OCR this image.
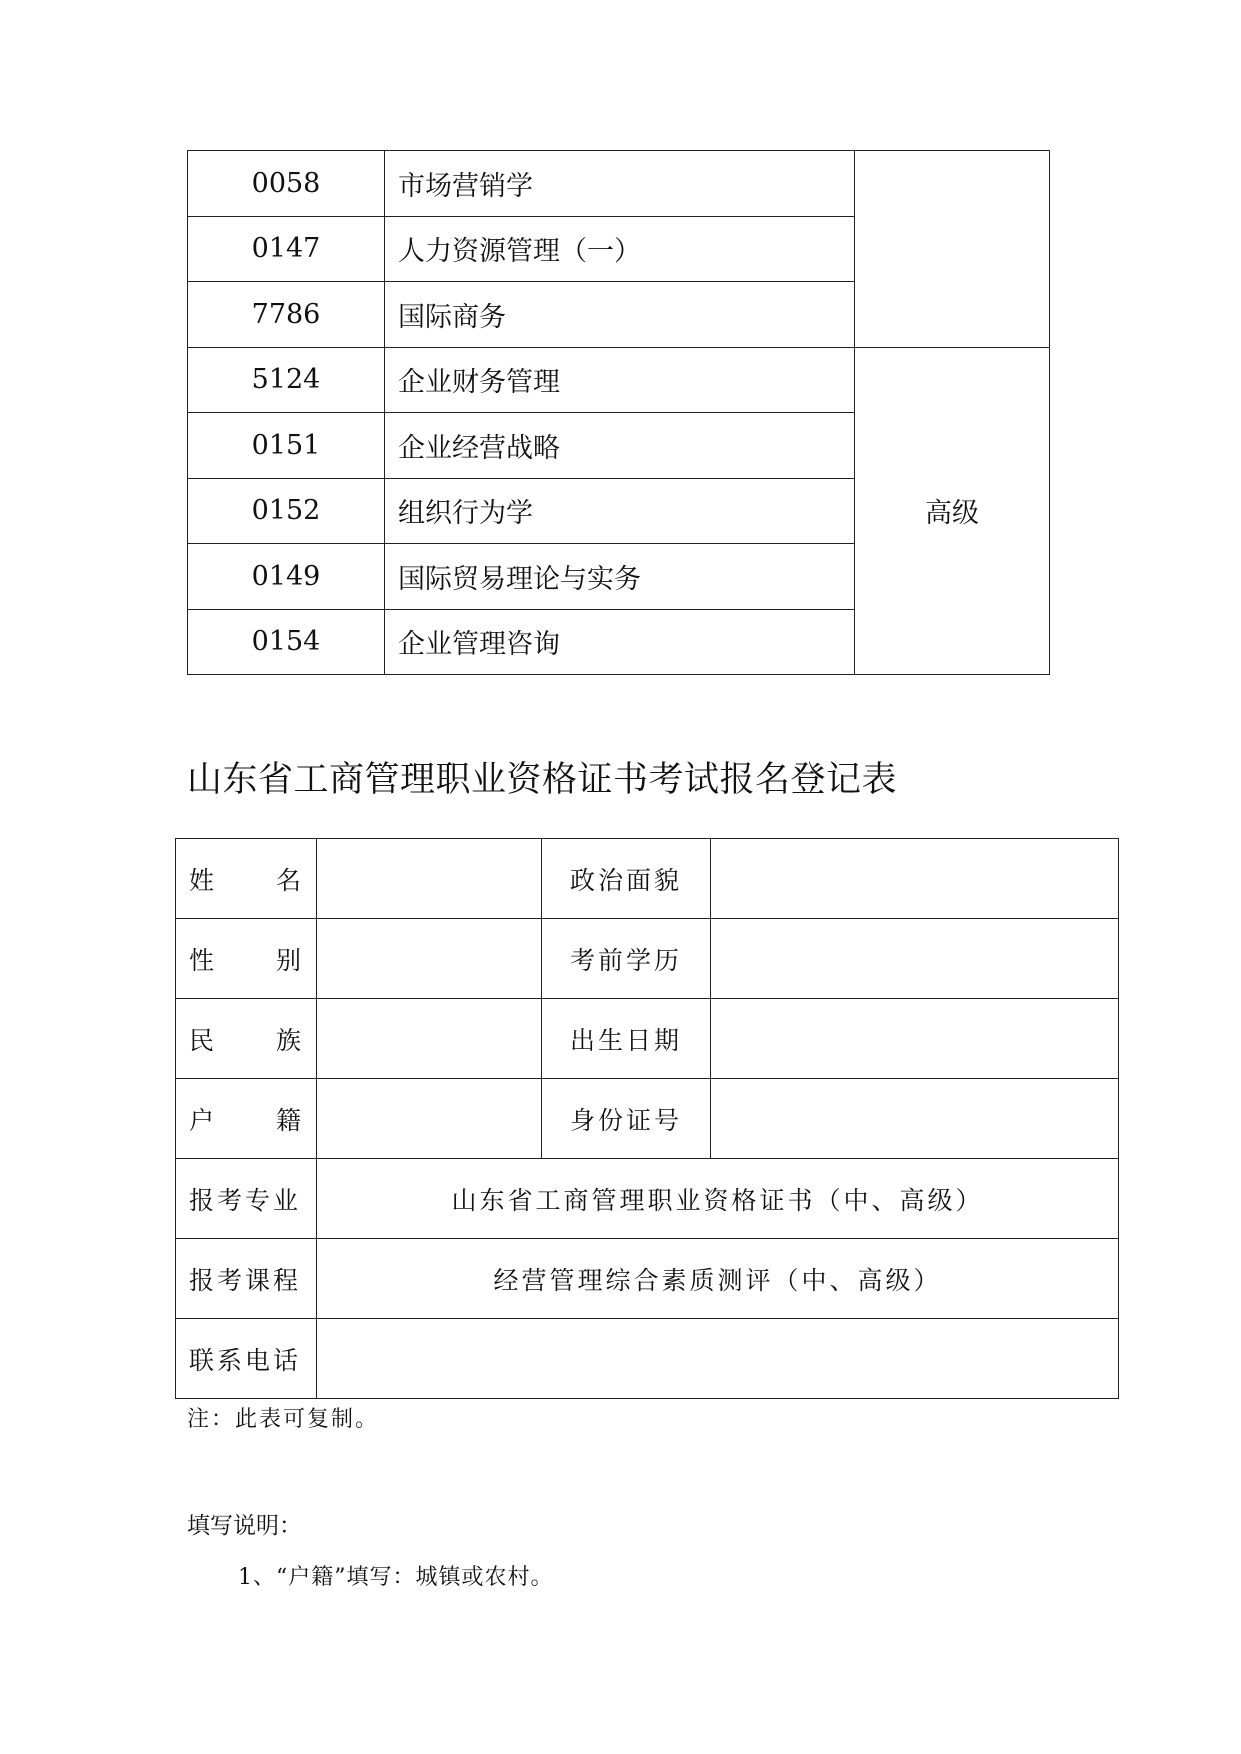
0058	市场营销学	
0147	人力资源管理（一）	
7786	国际商务	
5124	企业财务管理	高级
0151	企业经营战略	
0152	组织行为学	
0149	国际贸易理论与实务	
0154	企业管理咨询	
山东省工商管理职业资格证书考试报名登记表
姓　名		政治面貌	
性　别		考前学历	
民　族		出生日期	
户　籍		身份证号	
报考专业	山东省工商管理职业资格证书（中、高级）		
报考课程	经营管理综合素质测评（中、高级）		
联系电话			
注：此表可复制。
填写说明：
1、“户籍”填写：城镇或农村。
